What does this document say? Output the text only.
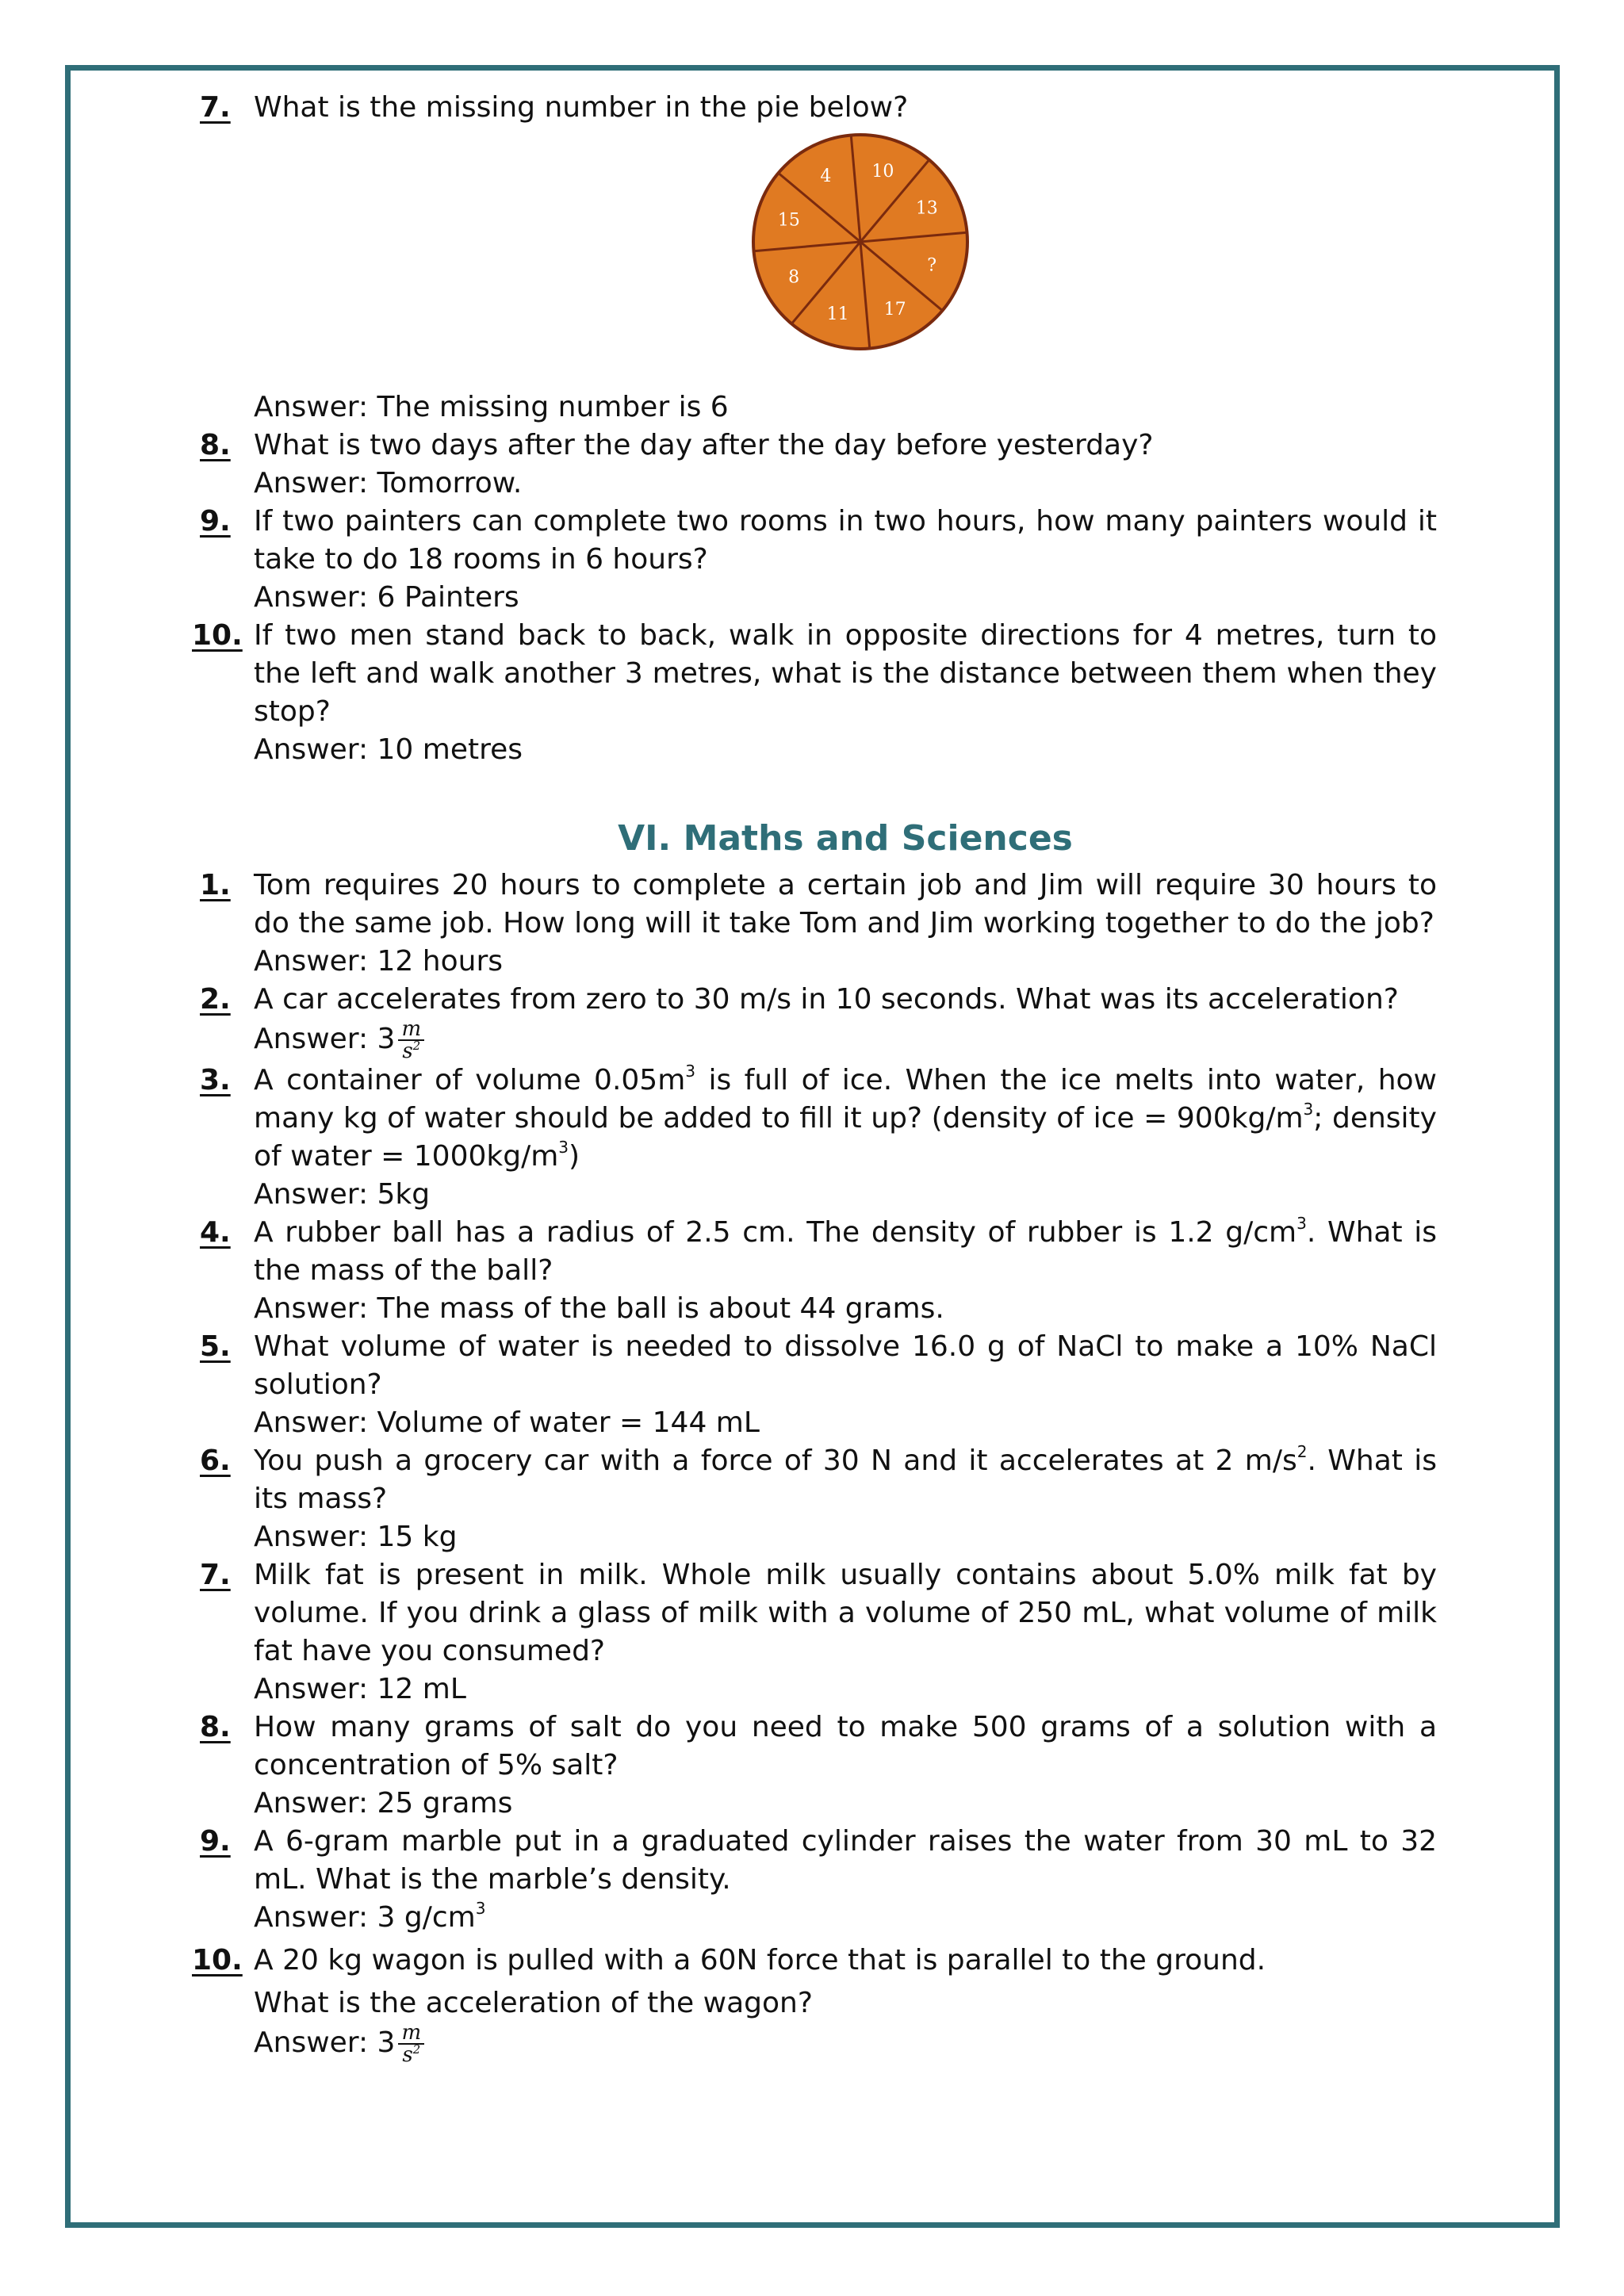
7. What is the missing number in the pie below?
10
13
?
17
11
8
15
4
Answer: The missing number is 6
8. What is two days after the day after the day before yesterday?
Answer: Tomorrow.
9. If two painters can complete two rooms in two hours, how many painters would it take to do 18 rooms in 6 hours?
Answer: 6 Painters
10. If two men stand back to back, walk in opposite directions for 4 metres, turn to the left and walk another 3 metres, what is the distance between them when they stop?
Answer: 10 metres
VI. Maths and Sciences
1. Tom requires 20 hours to complete a certain job and Jim will require 30 hours to do the same job. How long will it take Tom and Jim working together to do the job?
Answer: 12 hours
2. A car accelerates from zero to 30 m/s in 10 seconds. What was its acceleration?
Answer: $3 \frac{m}{s^2}$
3. A container of volume $0.05m^3$ is full of ice. When the ice melts into water, how many kg of water should be added to fill it up? (density of ice = $900kg/m^3$; density of water = $1000kg/m^3$)
Answer: 5kg
4. A rubber ball has a radius of 2.5 cm. The density of rubber is 1.2 $g/cm^3$. What is the mass of the ball?
Answer: The mass of the ball is about 44 grams.
5. What volume of water is needed to dissolve 16.0 g of NaCl to make a 10% NaCl solution?
Answer: Volume of water = 144 mL
6. You push a grocery car with a force of 30 N and it accelerates at 2 $m/s^2$. What is its mass?
Answer: 15 kg
7. Milk fat is present in milk. Whole milk usually contains about 5.0% milk fat by volume. If you drink a glass of milk with a volume of 250 mL, what volume of milk fat have you consumed?
Answer: 12 mL
8. How many grams of salt do you need to make 500 grams of a solution with a concentration of 5% salt?
Answer: 25 grams
9. A 6-gram marble put in a graduated cylinder raises the water from 30 mL to 32 mL. What is the marble’s density.
Answer: 3 $g/cm^3$
10. A 20 kg wagon is pulled with a 60N force that is parallel to the ground.
What is the acceleration of the wagon?
Answer: $3 \frac{m}{s^2}$
